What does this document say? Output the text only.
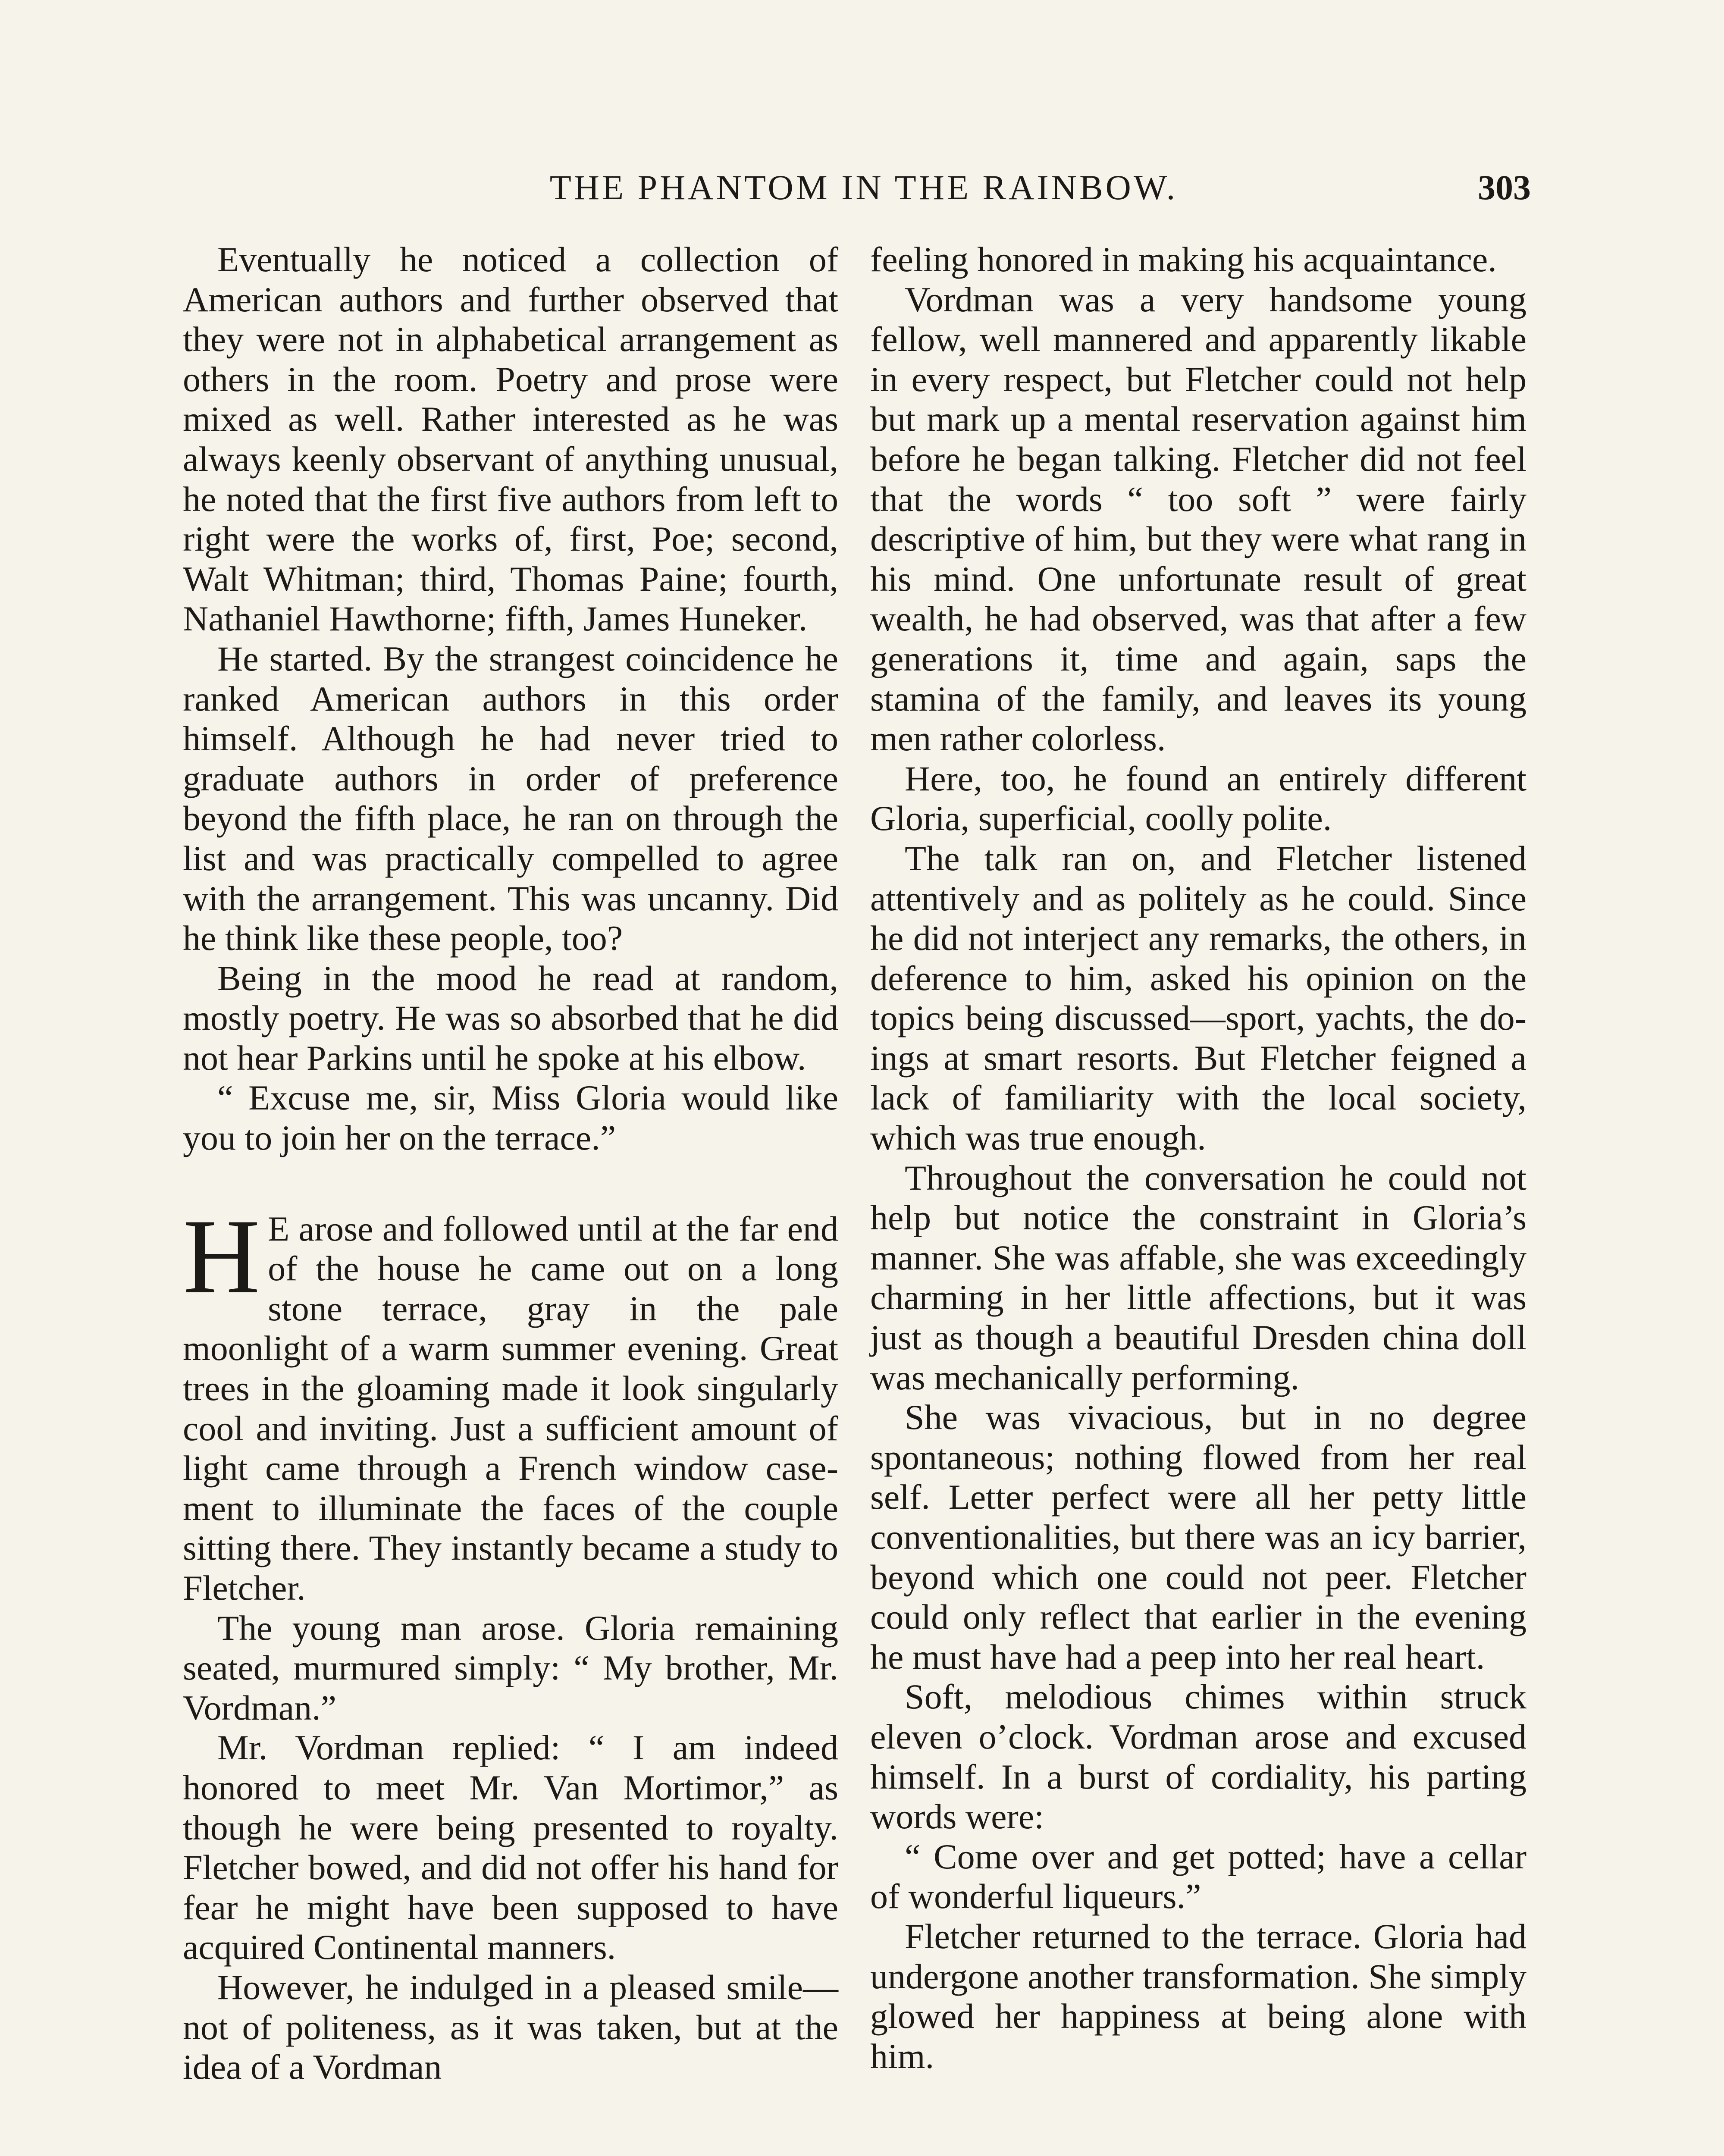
THE PHANTOM IN THE RAINBOW.	303

Eventually he noticed a collection of American authors and further observed that they were not in alphabetical arrangement as others in the room. Poetry and prose were mixed as well. Rather interested as he was always keenly observant of anything unusual, he noted that the first five authors from left to right were the works of, first, Poe; second, Walt Whitman; third, Thomas Paine; fourth, Nathaniel Hawthorne; fifth, James Huneker.

He started. By the strangest coincidence he ranked American authors in this order himself. Although he had never tried to graduate authors in order of preference beyond the fifth place, he ran on through the list and was practically compelled to agree with the arrangement. This was uncanny. Did he think like these people, too?

Being in the mood he read at random, mostly poetry. He was so absorbed that he did not hear Parkins until he spoke at his elbow.

“ Excuse me, sir, Miss Gloria would like you to join her on the terrace.”

H E arose and followed until at the far end of the house he came out on a long stone terrace, gray in the pale moonlight of a warm summer evening. Great trees in the gloaming made it look singularly cool and inviting. Just a sufficient amount of light came through a French window casement to illuminate the faces of the couple sitting there. They instantly became a study to Fletcher.

The young man arose. Gloria remaining seated, murmured simply: “ My brother, Mr. Vordman.”

Mr. Vordman replied: “ I am indeed honored to meet Mr. Van Mortimor,” as though he were being presented to royalty. Fletcher bowed, and did not offer his hand for fear he might have been supposed to have acquired Continental manners.

However, he indulged in a pleased smile—not of politeness, as it was taken, but at the idea of a Vordman

feeling honored in making his acquaintance.

Vordman was a very handsome young fellow, well mannered and apparently likable in every respect, but Fletcher could not help but mark up a mental reservation against him before he began talking. Fletcher did not feel that the words “ too soft ” were fairly descriptive of him, but they were what rang in his mind. One unfortunate result of great wealth, he had observed, was that after a few generations it, time and again, saps the stamina of the family, and leaves its young men rather colorless.

Here, too, he found an entirely different Gloria, superficial, coolly polite.

The talk ran on, and Fletcher listened attentively and as politely as he could. Since he did not interject any remarks, the others, in deference to him, asked his opinion on the topics being discussed—sport, yachts, the doings at smart resorts. But Fletcher feigned a lack of familiarity with the local society, which was true enough.

Throughout the conversation he could not help but notice the constraint in Gloria’s manner. She was affable, she was exceedingly charming in her little affections, but it was just as though a beautiful Dresden china doll was mechanically performing.

She was vivacious, but in no degree spontaneous; nothing flowed from her real self. Letter perfect were all her petty little conventionalities, but there was an icy barrier, beyond which one could not peer. Fletcher could only reflect that earlier in the evening he must have had a peep into her real heart.

Soft, melodious chimes within struck eleven o’clock. Vordman arose and excused himself. In a burst of cordiality, his parting words were:

“ Come over and get potted; have a cellar of wonderful liqueurs.”

Fletcher returned to the terrace. Gloria had undergone another transformation. She simply glowed her happiness at being alone with him.
